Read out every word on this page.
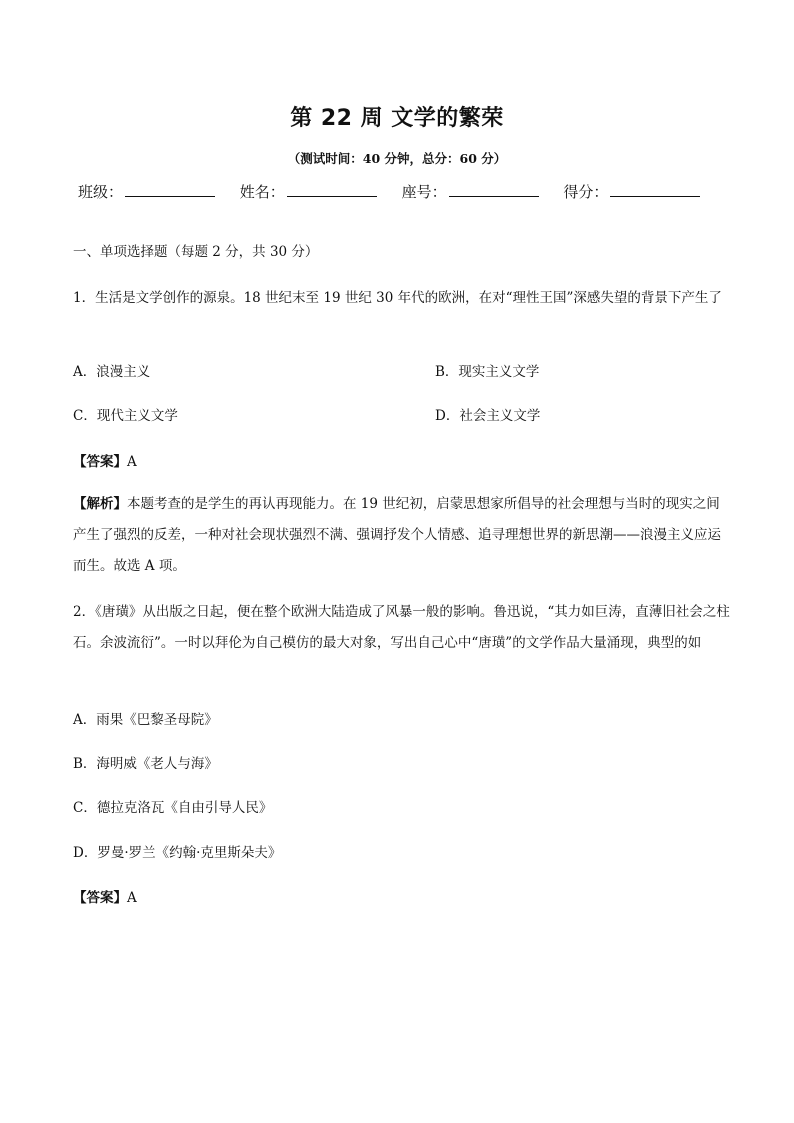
第 22 周 文学的繁荣
（测试时间：40 分钟，总分：60 分）
班级：	姓名：	座号：	得分：
一、单项选择题（每题 2 分，共 30 分）
1．生活是文学创作的源泉。18 世纪末至 19 世纪 30 年代的欧洲，在对“理性王国”深感失望的背景下产生了
A．浪漫主义	B．现实主义文学
C．现代主义文学	D．社会主义文学
【答案】A
【解析】本题考查的是学生的再认再现能力。在 19 世纪初，启蒙思想家所倡导的社会理想与当时的现实之间产生了强烈的反差，一种对社会现状强烈不满、强调抒发个人情感、追寻理想世界的新思潮——浪漫主义应运而生。故选 A 项。
2．《唐璜》从出版之日起，便在整个欧洲大陆造成了风暴一般的影响。鲁迅说，“其力如巨涛，直薄旧社会之柱石。余波流衍”。一时以拜伦为自己模仿的最大对象，写出自己心中“唐璜”的文学作品大量涌现，典型的如
A．雨果《巴黎圣母院》
B．海明威《老人与海》
C．德拉克洛瓦《自由引导人民》
D．罗曼·罗兰《约翰·克里斯朵夫》
【答案】A
